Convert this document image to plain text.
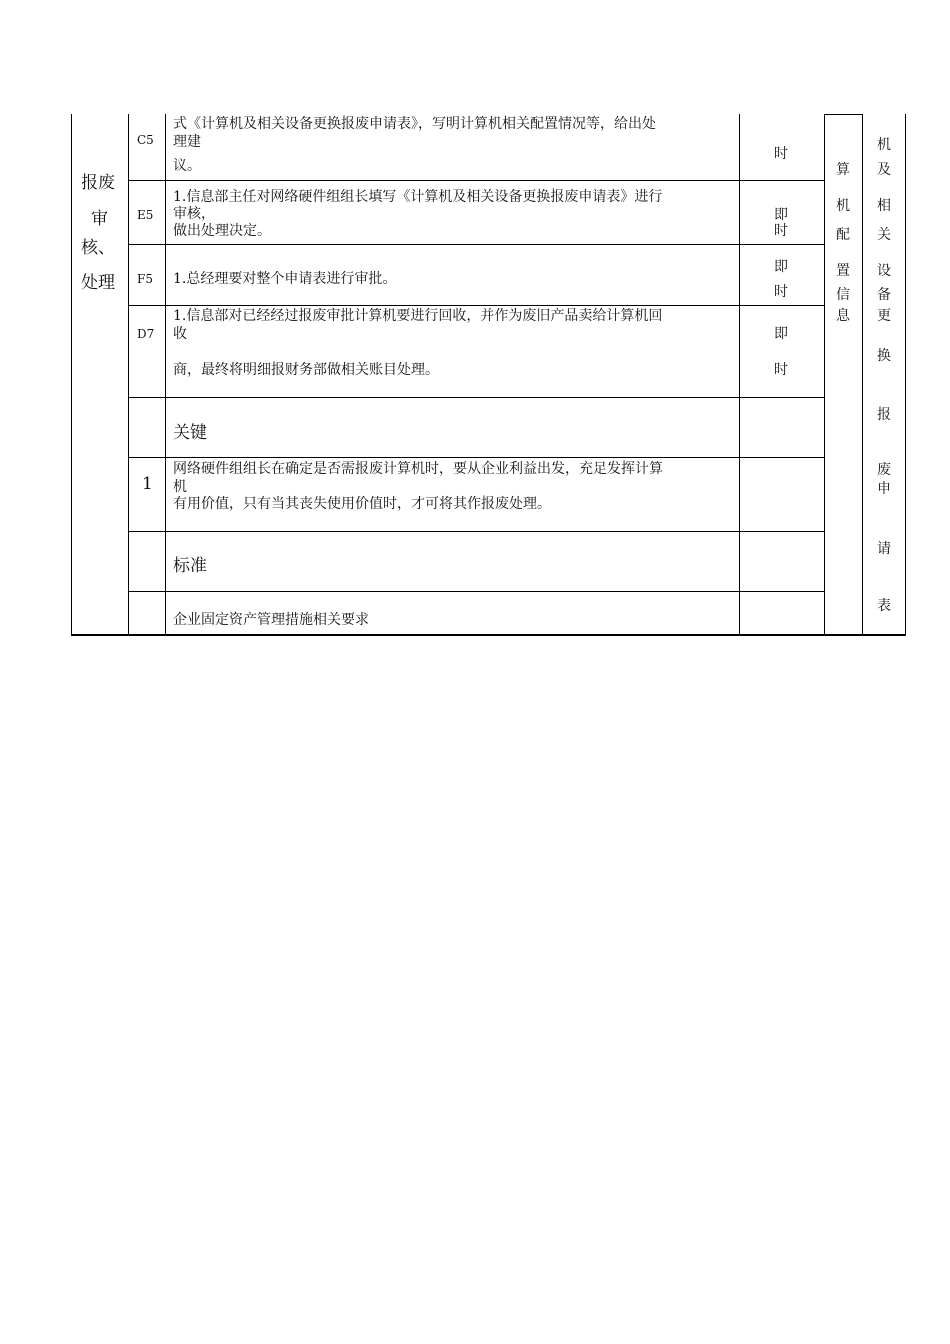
报废
审
核、
处理
C5
式《计算机及相关设备更换报废申请表》，写明计算机相关配置情况等，给出处
理建
议。
时
E5
1.信息部主任对网络硬件组组长填写《计算机及相关设备更换报废申请表》进行
审核，
做出处理决定。
即
时
F5 1.总经理要对整个申请表进行审批。
即
时
D7
1.信息部对已经经过报废审批计算机要进行回收，并作为废旧产品卖给计算机回
收
商，最终将明细报财务部做相关账目处理。
即
时
关键
1
网络硬件组组长在确定是否需报废计算机时，要从企业利益出发，充足发挥计算
机
有用价值，只有当其丧失使用价值时，才可将其作报废处理。
标准
企业固定资产管理措施相关要求
算
机
配
置
信
息
机
及
相
关
设
备
更
换
报
废
申
请
表
